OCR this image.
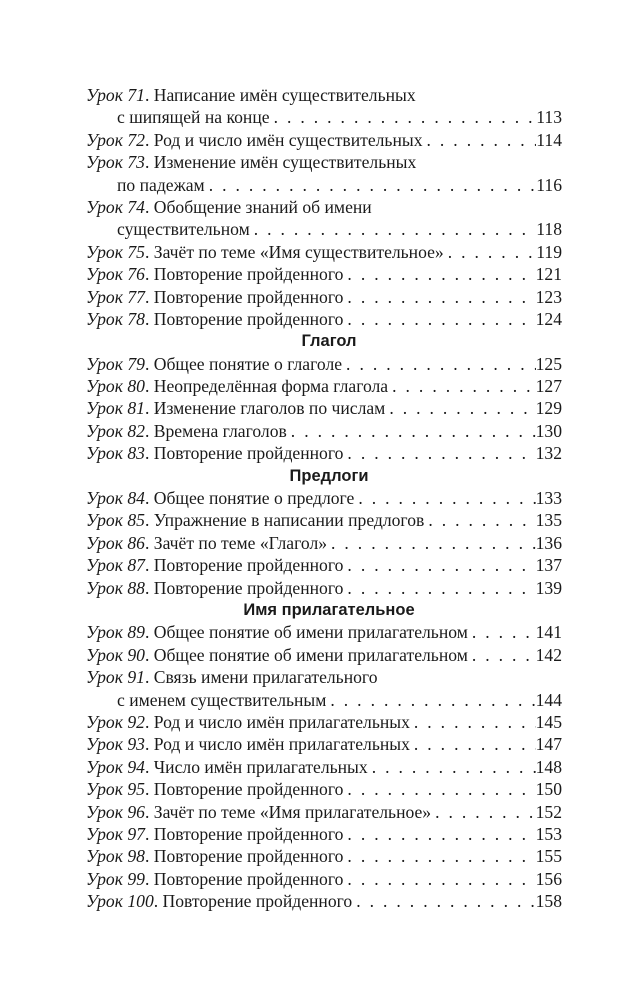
Урок 71. Написание имён существительных
с шипящей на конце . . .	113
Урок 72 . Род и число имён существительных . . .	114
Урок 73. Изменение имён существительных
по падежам . . .	116
Урок 74. Обобщение знаний об имени
существительном . . .	118
Урок 75 . Зачёт по теме «Имя существительное» . . .	119
Урок 76 . Повторение пройденного . . .	121
Урок 77 . Повторение пройденного . . .	123
Урок 78 . Повторение пройденного . . .	124
Глагол
Урок 79 . Общее понятие о глаголе . . .	125
Урок 80 . Неопределённая форма глагола . . .	127
Урок 81 . Изменение глаголов по числам . . .	129
Урок 82 . Времена глаголов . . .	130
Урок 83 . Повторение пройденного . . .	132
Предлоги
Урок 84 . Общее понятие о предлоге . . .	133
Урок 85 . Упражнение в написании предлогов . . .	135
Урок 86 . Зачёт по теме «Глагол» . . .	136
Урок 87 . Повторение пройденного . . .	137
Урок 88 . Повторение пройденного . . .	139
Имя прилагательное
Урок 89 . Общее понятие об имени прилагательном . . .	141
Урок 90 . Общее понятие об имени прилагательном . . .	142
Урок 91. Связь имени прилагательного
с именем существительным . . .	144
Урок 92 . Род и число имён прилагательных . . .	145
Урок 93 . Род и число имён прилагательных . . .	147
Урок 94 . Число имён прилагательных . . .	148
Урок 95 . Повторение пройденного . . .	150
Урок 96 . Зачёт по теме «Имя прилагательное» . . .	152
Урок 97 . Повторение пройденного . . .	153
Урок 98 . Повторение пройденного . . .	155
Урок 99 . Повторение пройденного . . .	156
Урок 100 . Повторение пройденного . . .	158
